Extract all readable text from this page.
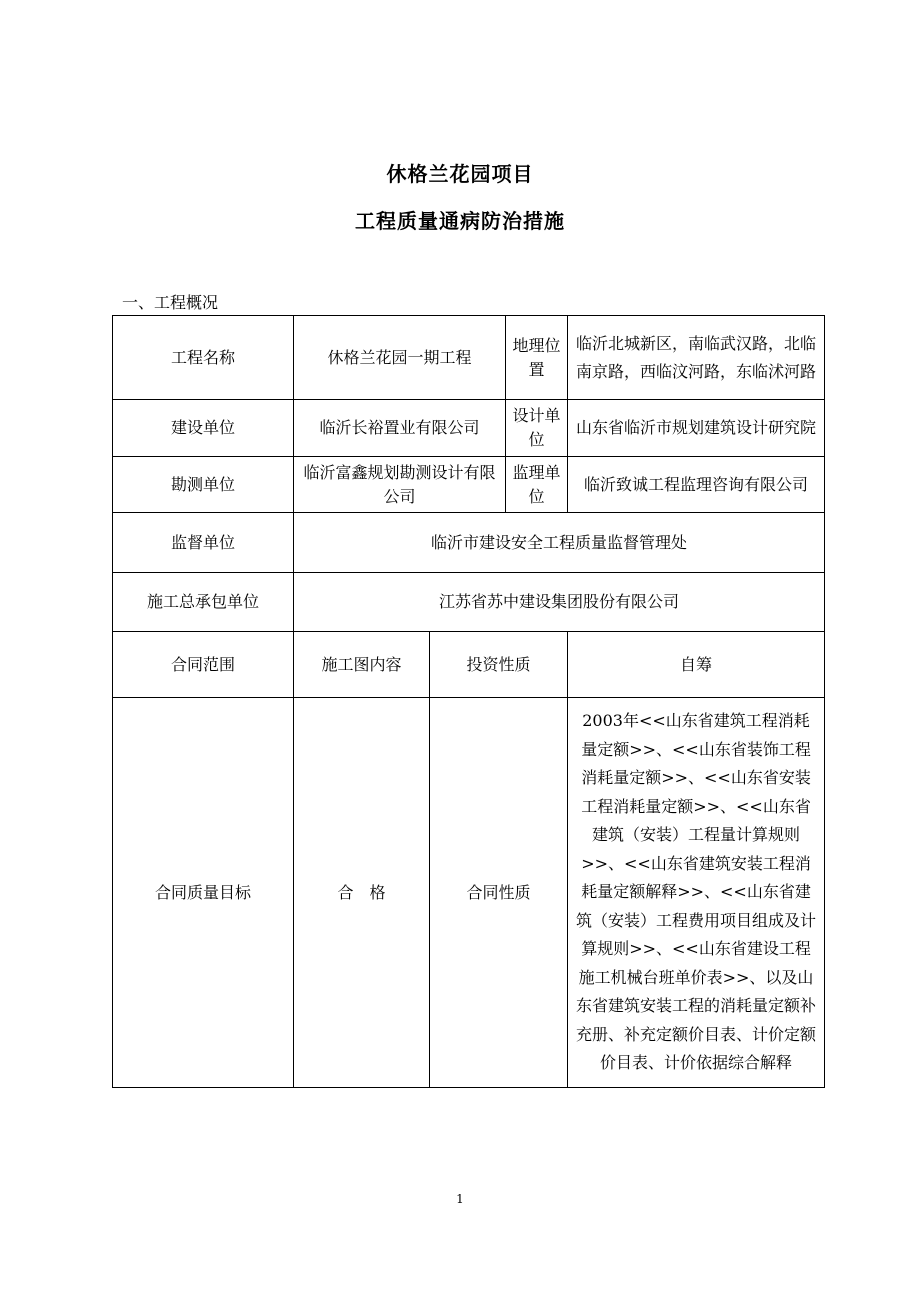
休格兰花园项目
工程质量通病防治措施
一、工程概况
工程名称	休格兰花园一期工程		地理位置	临沂北城新区，南临武汉路，北临南京路，西临汶河路，东临沭河路
建设单位	临沂长裕置业有限公司		设计单位	山东省临沂市规划建筑设计研究院
勘测单位	临沂富鑫规划勘测设计有限公司		监理单位	临沂致诚工程监理咨询有限公司
监督单位	临沂市建设安全工程质量监督管理处			
施工总承包单位	江苏省苏中建设集团股份有限公司			
合同范围	施工图内容	投资性质		自筹
合同质量目标	合　格	合同性质		2003年<<山东省建筑工程消耗量定额>>、<<山东省装饰工程消耗量定额>>、<<山东省安装工程消耗量定额>>、<<山东省建筑（安装）工程量计算规则>>、<<山东省建筑安装工程消耗量定额解释>>、<<山东省建筑（安装）工程费用项目组成及计算规则>>、<<山东省建设工程施工机械台班单价表>>、以及山东省建筑安装工程的消耗量定额补充册、补充定额价目表、计价定额价目表、计价依据综合解释
1
